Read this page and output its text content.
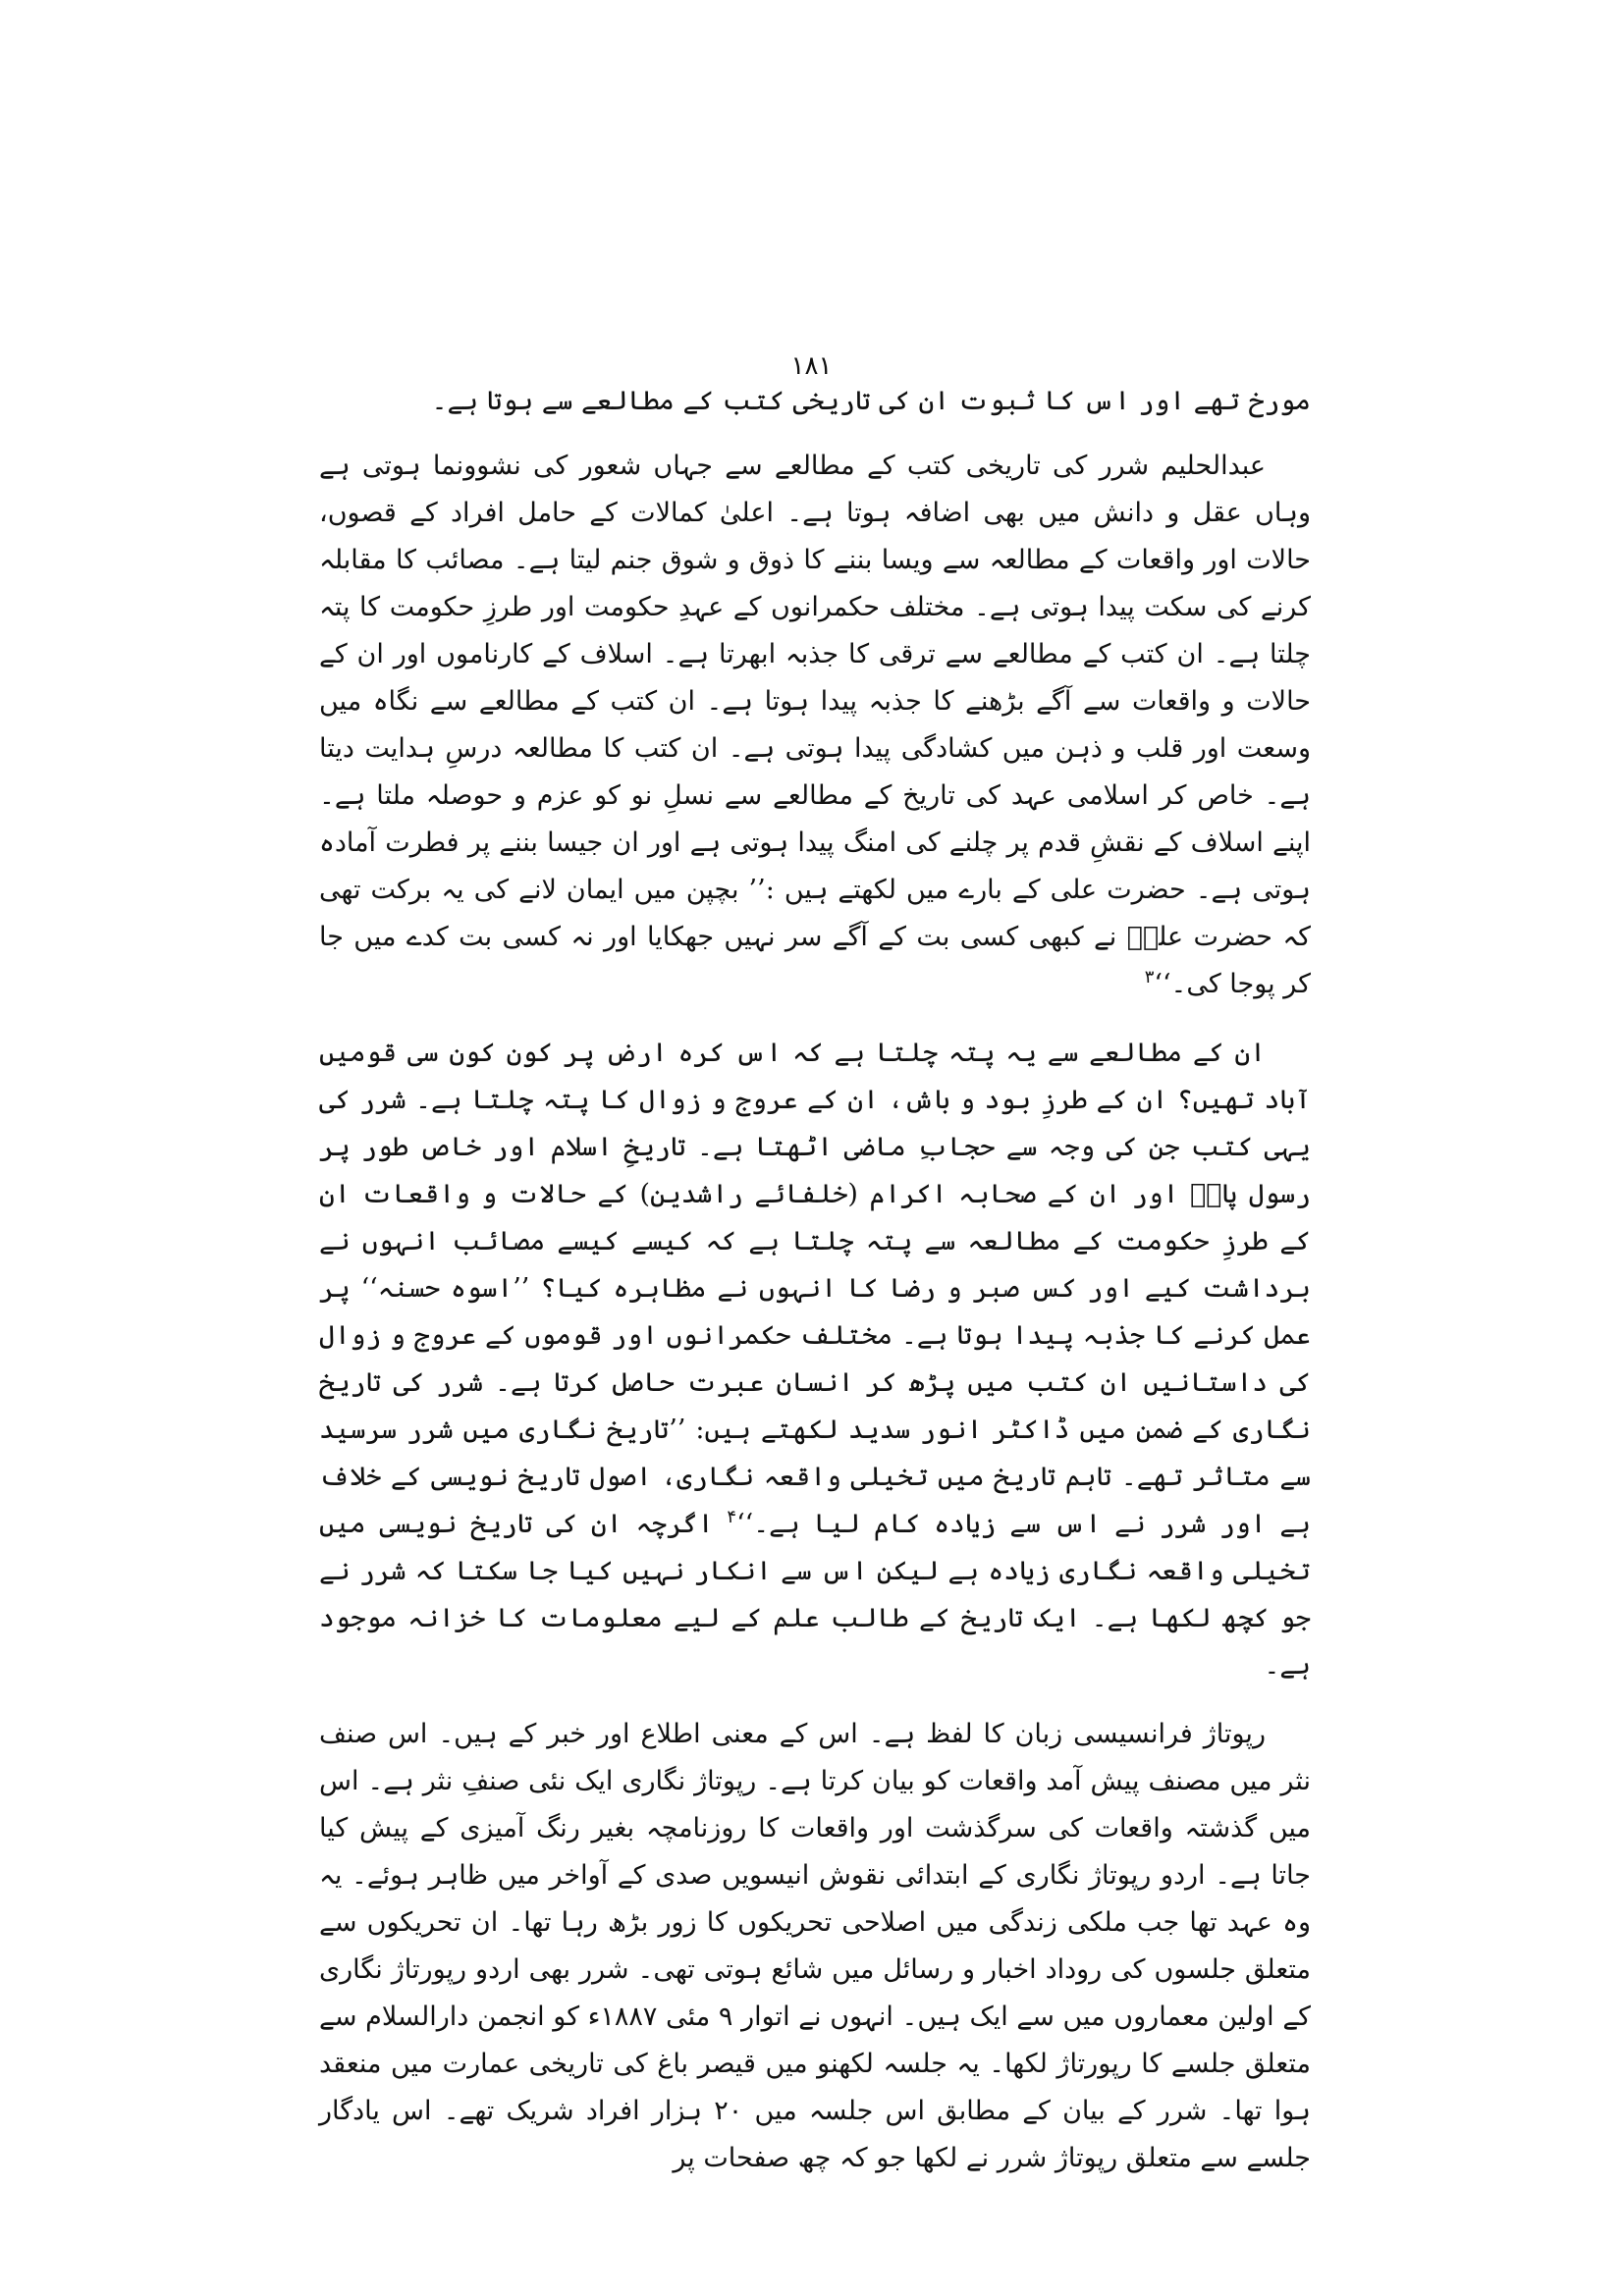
۱۸۱

مورخ تھے اور اس کا ثبوت ان کی تاریخی کتب کے مطالعے سے ہوتا ہے۔

عبدالحلیم شرر کی تاریخی کتب کے مطالعے سے جہاں شعور کی نشوونما ہوتی ہے وہاں عقل و دانش میں بھی اضافہ ہوتا ہے۔ اعلیٰ کمالات کے حامل افراد کے قصوں، حالات اور واقعات کے مطالعہ سے ویسا بننے کا ذوق و شوق جنم لیتا ہے۔ مصائب کا مقابلہ کرنے کی سکت پیدا ہوتی ہے۔ مختلف حکمرانوں کے عہدِ حکومت اور طرزِ حکومت کا پتہ چلتا ہے۔ ان کتب کے مطالعے سے ترقی کا جذبہ ابھرتا ہے۔ اسلاف کے کارناموں اور ان کے حالات و واقعات سے آگے بڑھنے کا جذبہ پیدا ہوتا ہے۔ ان کتب کے مطالعے سے نگاہ میں وسعت اور قلب و ذہن میں کشادگی پیدا ہوتی ہے۔ ان کتب کا مطالعہ درسِ ہدایت دیتا ہے۔ خاص کر اسلامی عہد کی تاریخ کے مطالعے سے نسلِ نو کو عزم و حوصلہ ملتا ہے۔ اپنے اسلاف کے نقشِ قدم پر چلنے کی امنگ پیدا ہوتی ہے اور ان جیسا بننے پر فطرت آمادہ ہوتی ہے۔ حضرت علی کے بارے میں لکھتے ہیں :’’ بچپن میں ایمان لانے کی یہ برکت تھی کہ حضرت علیؓ نے کبھی کسی بت کے آگے سر نہیں جھکایا اور نہ کسی بت کدے میں جا کر پوجا کی۔‘‘$^۳$

ان کے مطالعے سے یہ پتہ چلتا ہے کہ اس کرہ ارض پر کون کون سی قومیں آباد تھیں؟ ان کے طرزِ بود و باش، ان کے عروج و زوال کا پتہ چلتا ہے۔ شرر کی یہی کتب جن کی وجہ سے حجابِ ماضی اٹھتا ہے۔ تاریخِ اسلام اور خاص طور پر رسول پاکؐ اور ان کے صحابہ اکرام (خلفائے راشدین) کے حالات و واقعات ان کے طرزِ حکومت کے مطالعہ سے پتہ چلتا ہے کہ کیسے کیسے مصائب انہوں نے برداشت کیے اور کس صبر و رضا کا انہوں نے مظاہرہ کیا؟ ’’اسوہ حسنہ‘‘ پر عمل کرنے کا جذبہ پیدا ہوتا ہے۔ مختلف حکمرانوں اور قوموں کے عروج و زوال کی داستانیں ان کتب میں پڑھ کر انسان عبرت حاصل کرتا ہے۔ شرر کی تاریخ نگاری کے ضمن میں ڈاکٹر انور سدید لکھتے ہیں: ’’تاریخ نگاری میں شرر سرسید سے متاثر تھے۔ تاہم تاریخ میں تخیلی واقعہ نگاری، اصول تاریخ نویسی کے خلاف ہے اور شرر نے اس سے زیادہ کام لیا ہے۔‘‘$^۴$ اگرچہ ان کی تاریخ نویسی میں تخیلی واقعہ نگاری زیادہ ہے لیکن اس سے انکار نہیں کیا جا سکتا کہ شرر نے جو کچھ لکھا ہے۔ ایک تاریخ کے طالب علم کے لیے معلومات کا خزانہ موجود ہے۔

رپوتاژ فرانسیسی زبان کا لفظ ہے۔ اس کے معنی اطلاع اور خبر کے ہیں۔ اس صنف نثر میں مصنف پیش آمد واقعات کو بیان کرتا ہے۔ رپوتاژ نگاری ایک نئی صنفِ نثر ہے۔ اس میں گذشتہ واقعات کی سرگذشت اور واقعات کا روزنامچہ بغیر رنگ آمیزی کے پیش کیا جاتا ہے۔ اردو رپوتاژ نگاری کے ابتدائی نقوش انیسویں صدی کے آواخر میں ظاہر ہوئے۔ یہ وہ عہد تھا جب ملکی زندگی میں اصلاحی تحریکوں کا زور بڑھ رہا تھا۔ ان تحریکوں سے متعلق جلسوں کی روداد اخبار و رسائل میں شائع ہوتی تھی۔ شرر بھی اردو رپورتاژ نگاری کے اولین معماروں میں سے ایک ہیں۔ انہوں نے اتوار ۹ مئی ۱۸۸۷ء کو انجمن دارالسلام سے متعلق جلسے کا رپورتاژ لکھا۔ یہ جلسہ لکھنو میں قیصر باغ کی تاریخی عمارت میں منعقد ہوا تھا۔ شرر کے بیان کے مطابق اس جلسہ میں ۲۰ ہزار افراد شریک تھے۔ اس یادگار جلسے سے متعلق رپوتاژ شرر نے لکھا جو کہ چھ صفحات پر
